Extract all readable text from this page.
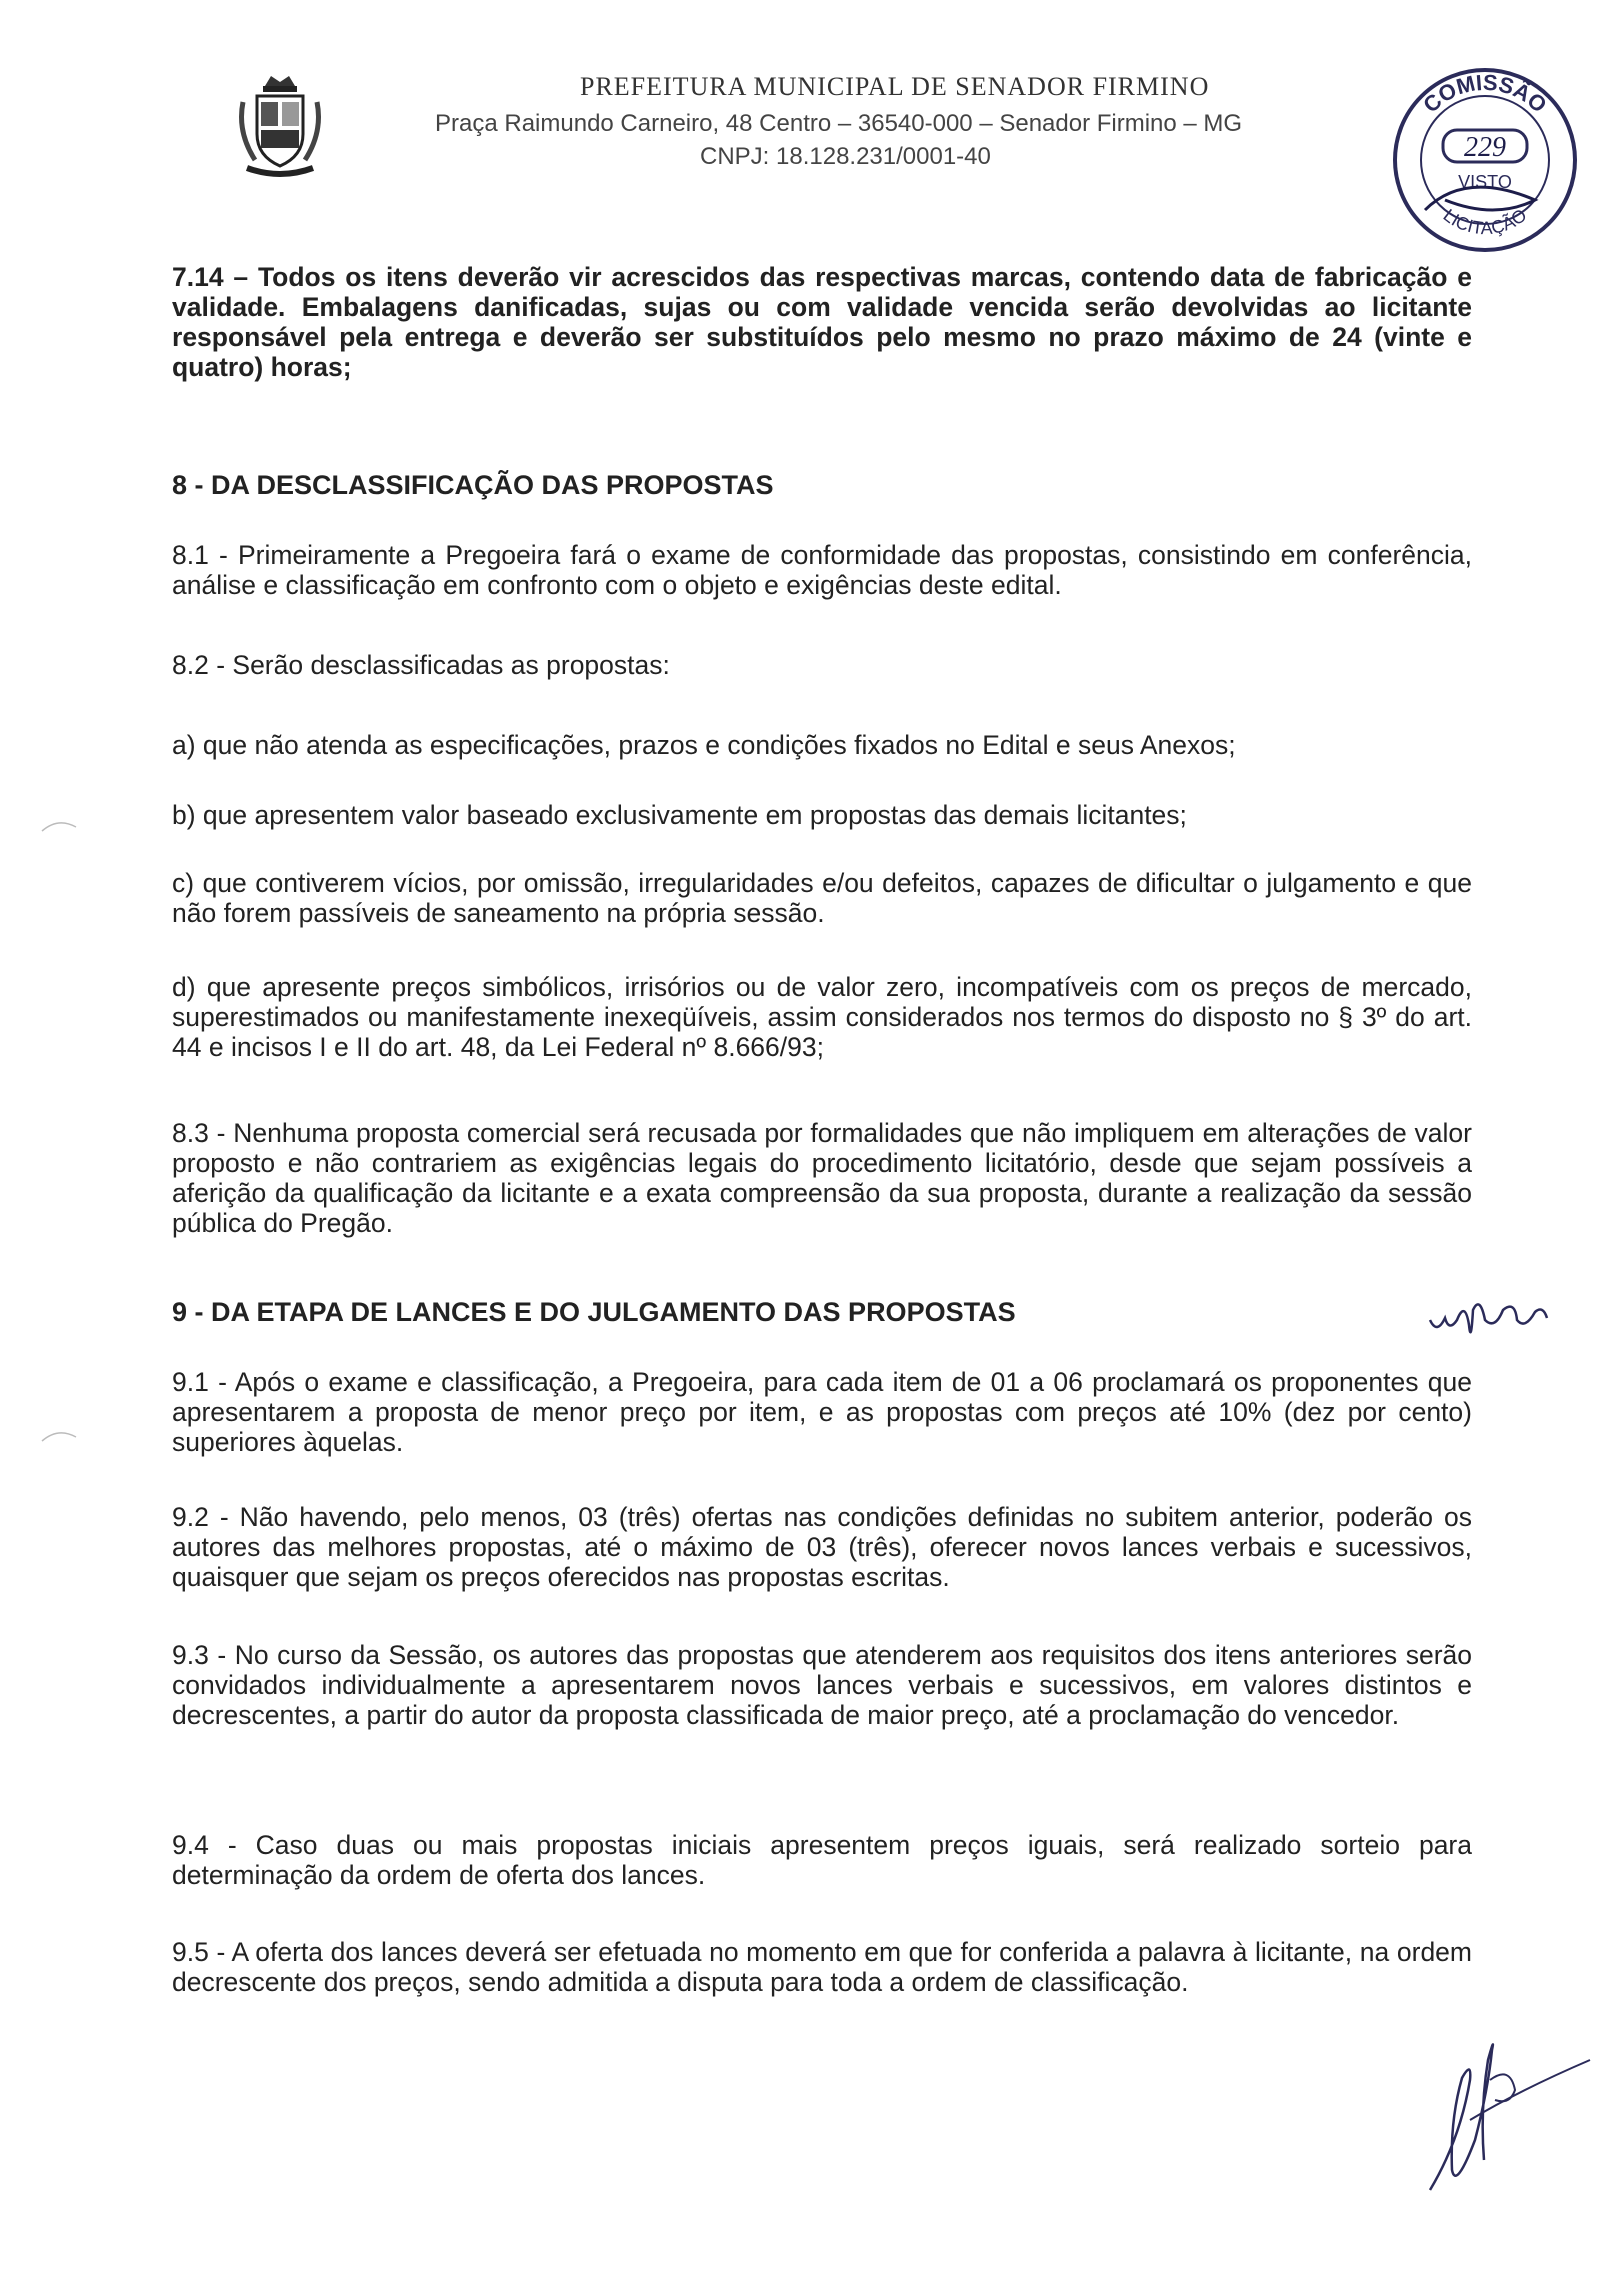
PREFEITURA MUNICIPAL DE SENADOR FIRMINO
Praça Raimundo Carneiro, 48 Centro – 36540-000 – Senador Firmino – MG
CNPJ: 18.128.231/0001-40
COMISSÃO
LICITAÇÃO
229
VISTO
7.14 – Todos os itens deverão vir acrescidos das respectivas marcas, contendo data de fabricação e validade. Embalagens danificadas, sujas ou com validade vencida serão devolvidas ao licitante responsável pela entrega e deverão ser substituídos pelo mesmo no prazo máximo de 24 (vinte e quatro) horas;
8 - DA DESCLASSIFICAÇÃO DAS PROPOSTAS
8.1 - Primeiramente a Pregoeira fará o exame de conformidade das propostas, consistindo em conferência, análise e classificação em confronto com o objeto e exigências deste edital.
8.2 - Serão desclassificadas as propostas:
a) que não atenda as especificações, prazos e condições fixados no Edital e seus Anexos;
b) que apresentem valor baseado exclusivamente em propostas das demais licitantes;
c) que contiverem vícios, por omissão, irregularidades e/ou defeitos, capazes de dificultar o julgamento e que não forem passíveis de saneamento na própria sessão.
d) que apresente preços simbólicos, irrisórios ou de valor zero, incompatíveis com os preços de mercado, superestimados ou manifestamente inexeqüíveis, assim considerados nos termos do disposto no § 3º do art. 44 e incisos I e II do art. 48, da Lei Federal nº 8.666/93;
8.3 - Nenhuma proposta comercial será recusada por formalidades que não impliquem em alterações de valor proposto e não contrariem as exigências legais do procedimento licitatório, desde que sejam possíveis a aferição da qualificação da licitante e a exata compreensão da sua proposta, durante a realização da sessão pública do Pregão.
9 - DA ETAPA DE LANCES E DO JULGAMENTO DAS PROPOSTAS
9.1 - Após o exame e classificação, a Pregoeira, para cada item de 01 a 06 proclamará os proponentes que apresentarem a proposta de menor preço por item, e as propostas com preços até 10% (dez por cento) superiores àquelas.
9.2 - Não havendo, pelo menos, 03 (três) ofertas nas condições definidas no subitem anterior, poderão os autores das melhores propostas, até o máximo de 03 (três), oferecer novos lances verbais e sucessivos, quaisquer que sejam os preços oferecidos nas propostas escritas.
9.3 - No curso da Sessão, os autores das propostas que atenderem aos requisitos dos itens anteriores serão convidados individualmente a apresentarem novos lances verbais e sucessivos, em valores distintos e decrescentes, a partir do autor da proposta classificada de maior preço, até a proclamação do vencedor.
9.4 - Caso duas ou mais propostas iniciais apresentem preços iguais, será realizado sorteio para determinação da ordem de oferta dos lances.
9.5 - A oferta dos lances deverá ser efetuada no momento em que for conferida a palavra à licitante, na ordem decrescente dos preços, sendo admitida a disputa para toda a ordem de classificação.
